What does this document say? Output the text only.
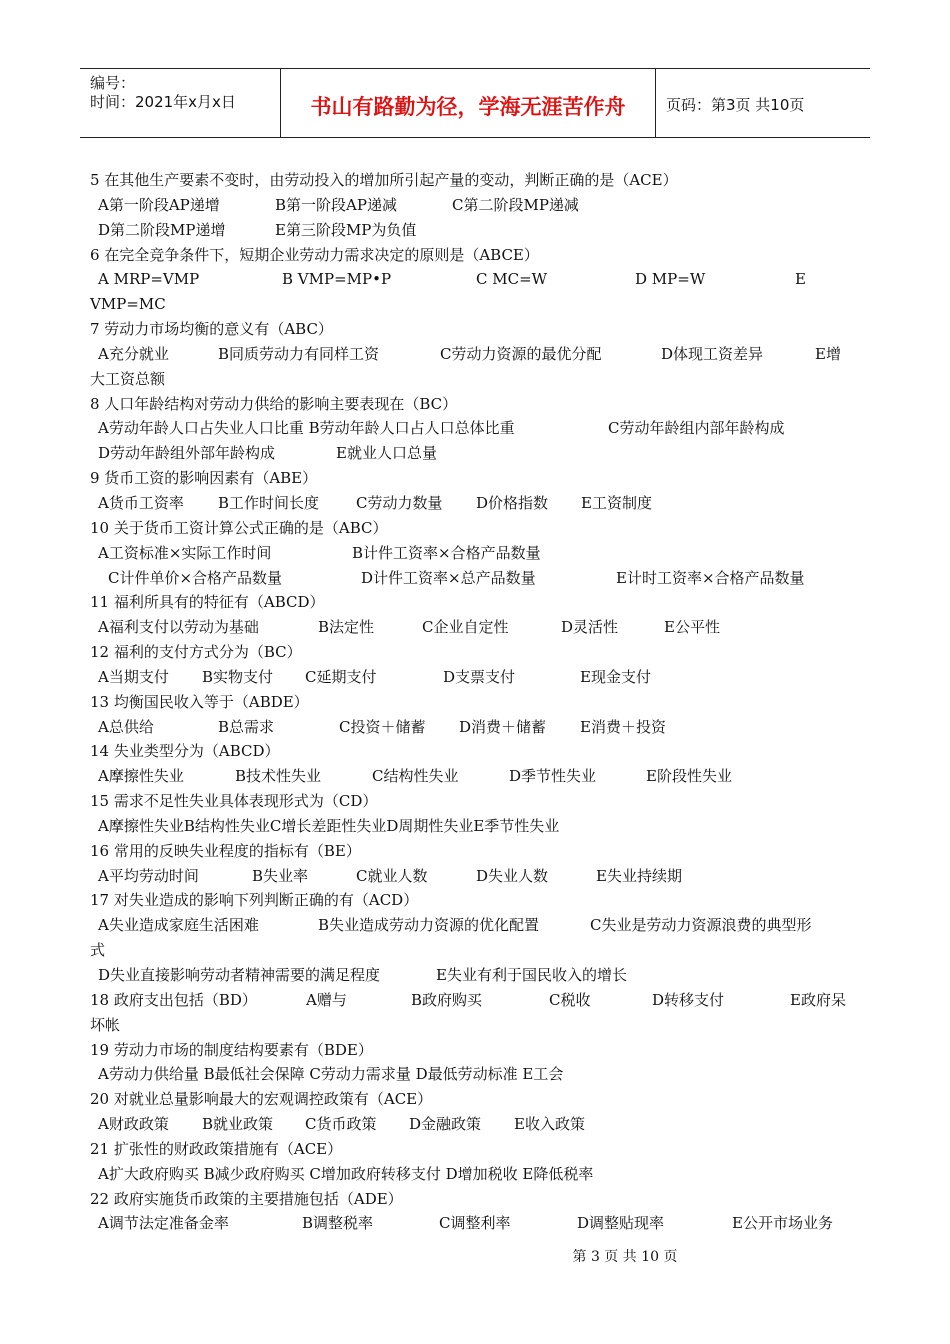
编号：
时间：2021年x月x日	书山有路勤为径，学海无涯苦作舟	页码：第3页 共10页
5 在其他生产要素不变时，由劳动投入的增加所引起产量的变动，判断正确的是（ACE）
A第一阶段AP递增	B第一阶段AP递减	C第二阶段MP递减
D第二阶段MP递增	E第三阶段MP为负值
6 在完全竞争条件下，短期企业劳动力需求决定的原则是（ABCE）
A MRP=VMP	B VMP=MP•P	C MC=W	D MP=W	E
VMP=MC
7 劳动力市场均衡的意义有（ABC）
A充分就业	B同质劳动力有同样工资	C劳动力资源的最优分配	D体现工资差异	E增
大工资总额
8 人口年龄结构对劳动力供给的影响主要表现在（BC）
A劳动年龄人口占失业人口比重 B劳动年龄人口占人口总体比重	C劳动年龄组内部年龄构成
D劳动年龄组外部年龄构成	E就业人口总量
9 货币工资的影响因素有（ABE）
A货币工资率 B工作时间长度 C劳动力数量 D价格指数 E工资制度
10 关于货币工资计算公式正确的是（ABC）
A工资标准×实际工作时间	B计件工资率×合格产品数量
C计件单价×合格产品数量	D计件工资率×总产品数量	E计时工资率×合格产品数量
11 福利所具有的特征有（ABCD）
A福利支付以劳动为基础	B法定性	C企业自定性	D灵活性	E公平性
12 福利的支付方式分为（BC）
A当期支付 B实物支付 C延期支付	D支票支付	E现金支付
13 均衡国民收入等于（ABDE）
A总供给	B总需求	C投资＋储蓄 D消费＋储蓄 E消费＋投资
14 失业类型分为（ABCD）
A摩擦性失业	B技术性失业	C结构性失业	D季节性失业	E阶段性失业
15 需求不足性失业具体表现形式为（CD）
A摩擦性失业B结构性失业C增长差距性失业D周期性失业E季节性失业
16 常用的反映失业程度的指标有（BE）
A平均劳动时间	B失业率	C就业人数	D失业人数	E失业持续期
17 对失业造成的影响下列判断正确的有（ACD）
A失业造成家庭生活困难	B失业造成劳动力资源的优化配置	C失业是劳动力资源浪费的典型形
式
D失业直接影响劳动者精神需要的满足程度	E失业有利于国民收入的增长
18 政府支出包括（BD）	A赠与	B政府购买	C税收	D转移支付	E政府呆
坏帐
19 劳动力市场的制度结构要素有（BDE）
A劳动力供给量 B最低社会保障 C劳动力需求量 D最低劳动标准 E工会
20 对就业总量影响最大的宏观调控政策有（ACE）
A财政政策 B就业政策 C货币政策 D金融政策 E收入政策
21 扩张性的财政政策措施有（ACE）
A扩大政府购买 B减少政府购买 C增加政府转移支付 D增加税收 E降低税率
22 政府实施货币政策的主要措施包括（ADE）
A调节法定准备金率	B调整税率	C调整利率	D调整贴现率	E公开市场业务
第 3 页 共 10 页
